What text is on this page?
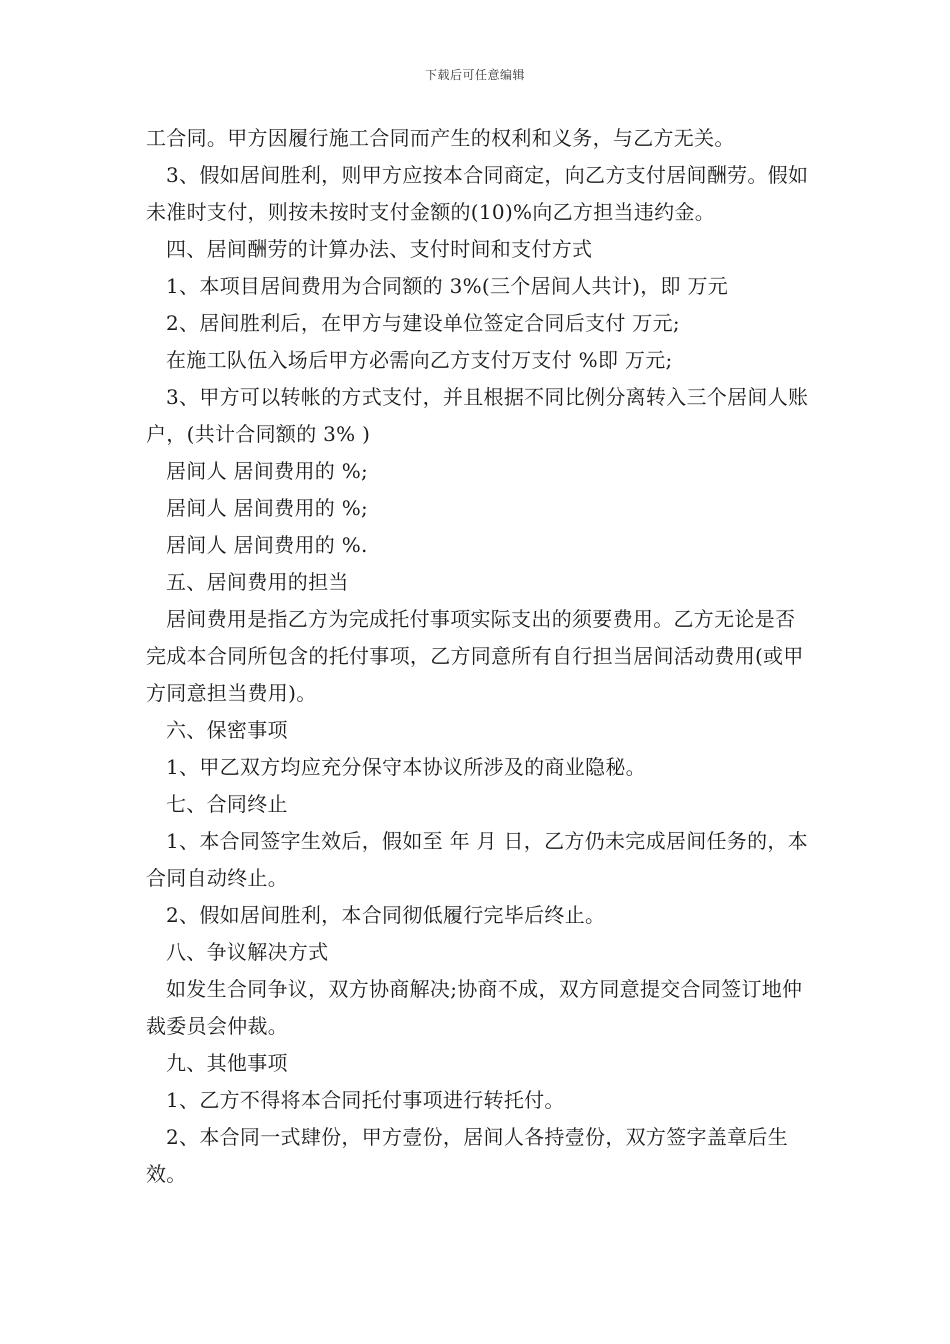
下载后可任意编辑

工合同。甲方因履行施工合同而产生的权利和义务，与乙方无关。

3、假如居间胜利，则甲方应按本合同商定，向乙方支付居间酬劳。假如未准时支付，则按未按时支付金额的(10)%向乙方担当违约金。

四、居间酬劳的计算办法、支付时间和支付方式

1、本项目居间费用为合同额的 3%(三个居间人共计)，即 万元

2、居间胜利后，在甲方与建设单位签定合同后支付 万元;

在施工队伍入场后甲方必需向乙方支付万支付 %即 万元;

3、甲方可以转帐的方式支付，并且根据不同比例分离转入三个居间人账户，(共计合同额的 3% )

居间人 居间费用的 %;

居间人 居间费用的 %;

居间人 居间费用的 %.

五、居间费用的担当

居间费用是指乙方为完成托付事项实际支出的须要费用。乙方无论是否完成本合同所包含的托付事项，乙方同意所有自行担当居间活动费用(或甲方同意担当费用)。

六、保密事项

1、甲乙双方均应充分保守本协议所涉及的商业隐秘。

七、合同终止

1、本合同签字生效后，假如至 年 月 日，乙方仍未完成居间任务的，本合同自动终止。

2、假如居间胜利，本合同彻低履行完毕后终止。

八、争议解决方式

如发生合同争议，双方协商解决;协商不成，双方同意提交合同签订地仲裁委员会仲裁。

九、其他事项

1、乙方不得将本合同托付事项进行转托付。

2、本合同一式肆份，甲方壹份，居间人各持壹份，双方签字盖章后生效。
